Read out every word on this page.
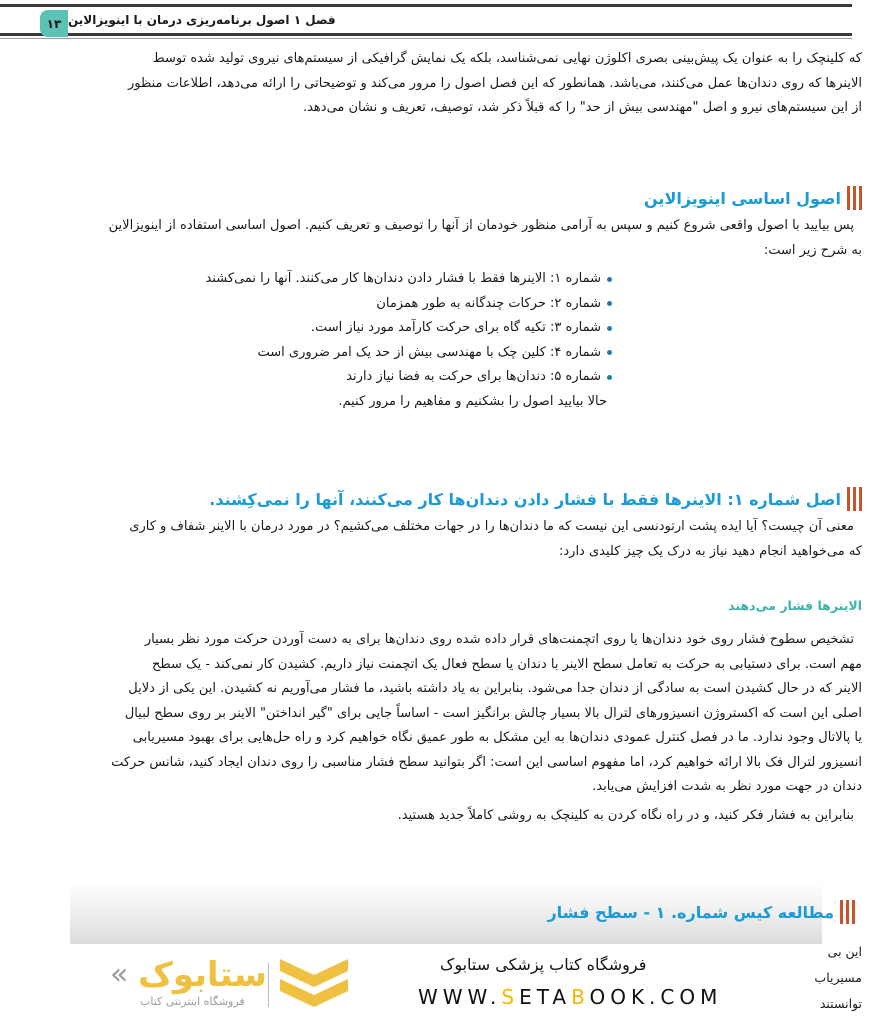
۱۳ فصل ۱ اصول برنامه‌ریزی درمان با اینویزالاین

که کلینچک را به عنوان یک پیش‌بینی بصری اکلوژن نهایی نمی‌شناسد، بلکه یک نمایش گرافیکی از سیستم‌های نیروی تولید شده توسط

الاینرها که روی دندان‌ها عمل می‌کنند، می‌باشد. همانطور که این فصل اصول را مرور می‌کند و توضیحاتی را ارائه می‌دهد، اطلاعات منظور

از این سیستم‌های نیرو و اصل "مهندسی بیش از حد" را که قبلاً ذکر شد، توصیف، تعریف و نشان می‌دهد.

اصول اساسی اینویزالاین

پس بیایید با اصول واقعی شروع کنیم و سپس به آرامی منظور خودمان از آنها را توصیف و تعریف کنیم. اصول اساسی استفاده از اینویزالاین

به شرح زیر است:

شماره ۱: الاینرها فقط با فشار دادن دندان‌ها کار می‌کنند. آنها را نمی‌کشند
شماره ۲: حرکات چندگانه به طور همزمان
شماره ۳: تکیه گاه برای حرکت کارآمد مورد نیاز است.
شماره ۴: کلین چک با مهندسی بیش از حد یک امر ضروری است
شماره ۵: دندان‌ها برای حرکت به فضا نیاز دارند

حالا بیایید اصول را بشکنیم و مفاهیم را مرور کنیم.

اصل شماره ۱: الاینرها فقط با فشار دادن دندان‌ها کار می‌کنند، آنها را نمی‌کِشند.

معنی آن چیست؟ آیا ایده پشت ارتودنسی این نیست که ما دندان‌ها را در جهات مختلف می‌کشیم؟ در مورد درمان با الاینر شفاف و کاری

که می‌خواهید انجام دهید نیاز به درک یک چیز کلیدی دارد:

الاینرها فشار می‌دهند

تشخیص سطوح فشار روی خود دندان‌ها یا روی اتچمنت‌های قرار داده شده روی دندان‌ها برای به دست آوردن حرکت مورد نظر بسیار

مهم است. برای دستیابی به حرکت به تعامل سطح الاینر با دندان یا سطح فعال یک اتچمنت نیاز داریم. کشیدن کار نمی‌کند - یک سطح

الاینر که در حال کشیدن است به سادگی از دندان جدا می‌شود. بنابراین به یاد داشته باشید، ما فشار می‌آوریم نه کشیدن. این یکی از دلایل

اصلی این است که اکستروژن انسیزورهای لترال بالا بسیار چالش برانگیز است - اساساً جایی برای "گیر انداختن" الاینر بر روی سطح لبیال

یا پالاتال وجود ندارد. ما در فصل کنترل عمودی دندان‌ها به این مشکل به طور عمیق نگاه خواهیم کرد و راه حل‌هایی برای بهبود مسیریابی

انسیزور لترال فک بالا ارائه خواهیم کرد، اما مفهوم اساسی این است: اگر بتوانید سطح فشار مناسبی را روی دندان ایجاد کنید، شانس حرکت

دندان در جهت مورد نظر به شدت افزایش می‌یابد.

بنابراین به فشار فکر کنید، و در راه نگاه کردن به کلینچک به روشی کاملاً جدید هستید.

مطالعه کیس شماره. ۱ - سطح فشار
این بی
مسیریاب
توانستند
« ستابوک
فروشگاه اینترنتی کتاب
فروشگاه کتاب پزشکی ستابوک
WWW.SETABOOK.COM
